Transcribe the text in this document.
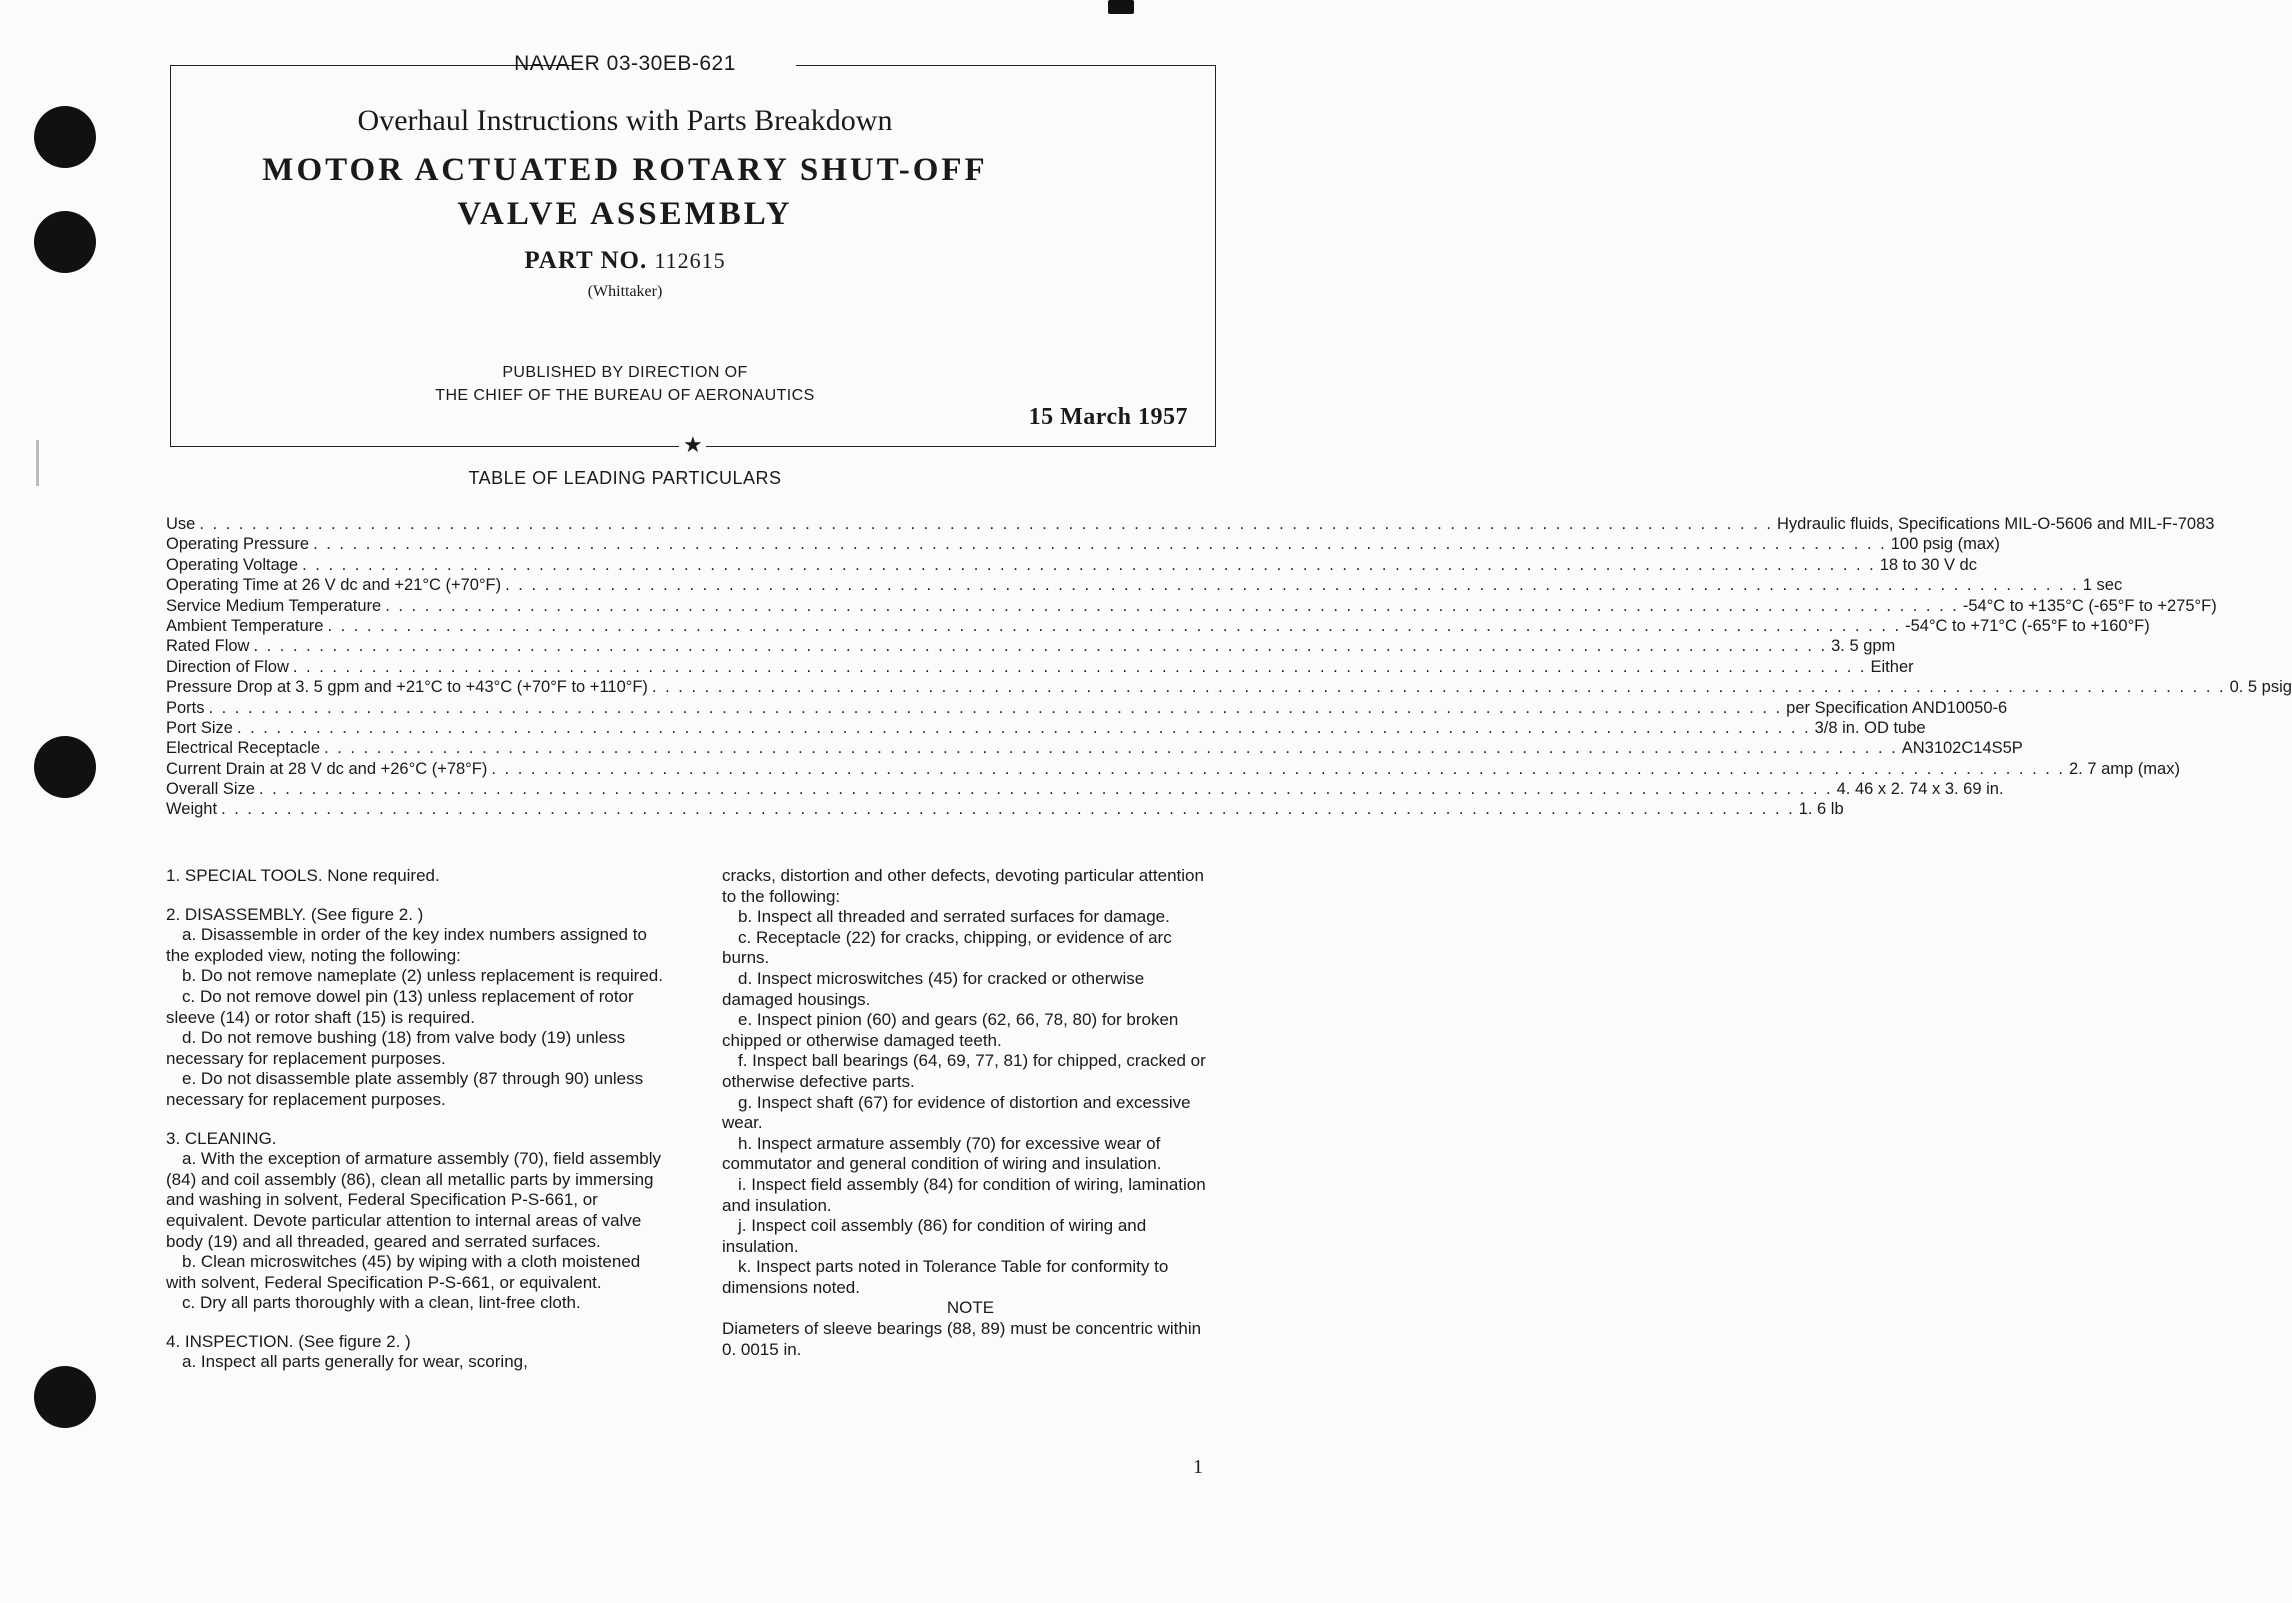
★
NAVAER 03-30EB-621
Overhaul Instructions with Parts Breakdown
MOTOR ACTUATED ROTARY SHUT-OFF
VALVE ASSEMBLY
PART NO. 112615
(Whittaker)
PUBLISHED BY DIRECTION OF
THE CHIEF OF THE BUREAU OF AERONAUTICS
15 March 1957
TABLE OF LEADING PARTICULARS
Use . . . . . . . . . . . . . . . . . . . . . . . . . . . . . . . . . . . . . . . . . . . . . . . . . . . . . . . . . . . . . . . . . . . . . . . . . . . . . . . . . . . . . . . . . . . . . . . . . . . . . . . . . . . . . . . . . . . . . . . . Hydraulic fluids, Specifications MIL-O-5606 and MIL-F-7083
Operating Pressure . . . . . . . . . . . . . . . . . . . . . . . . . . . . . . . . . . . . . . . . . . . . . . . . . . . . . . . . . . . . . . . . . . . . . . . . . . . . . . . . . . . . . . . . . . . . . . . . . . . . . . . . . . . . . . . . . . . . . . . . 100 psig (max)
Operating Voltage . . . . . . . . . . . . . . . . . . . . . . . . . . . . . . . . . . . . . . . . . . . . . . . . . . . . . . . . . . . . . . . . . . . . . . . . . . . . . . . . . . . . . . . . . . . . . . . . . . . . . . . . . . . . . . . . . . . . . . . . 18 to 30 V dc
Operating Time at 26 V dc and +21°C (+70°F) . . . . . . . . . . . . . . . . . . . . . . . . . . . . . . . . . . . . . . . . . . . . . . . . . . . . . . . . . . . . . . . . . . . . . . . . . . . . . . . . . . . . . . . . . . . . . . . . . . . . . . . . . . . . . . . . . . . . . . . . 1 sec
Service Medium Temperature . . . . . . . . . . . . . . . . . . . . . . . . . . . . . . . . . . . . . . . . . . . . . . . . . . . . . . . . . . . . . . . . . . . . . . . . . . . . . . . . . . . . . . . . . . . . . . . . . . . . . . . . . . . . . . . . . . . . . . . . -54°C to +135°C (-65°F to +275°F)
Ambient Temperature . . . . . . . . . . . . . . . . . . . . . . . . . . . . . . . . . . . . . . . . . . . . . . . . . . . . . . . . . . . . . . . . . . . . . . . . . . . . . . . . . . . . . . . . . . . . . . . . . . . . . . . . . . . . . . . . . . . . . . . . -54°C to +71°C (-65°F to +160°F)
Rated Flow . . . . . . . . . . . . . . . . . . . . . . . . . . . . . . . . . . . . . . . . . . . . . . . . . . . . . . . . . . . . . . . . . . . . . . . . . . . . . . . . . . . . . . . . . . . . . . . . . . . . . . . . . . . . . . . . . . . . . . . . 3. 5 gpm
Direction of Flow . . . . . . . . . . . . . . . . . . . . . . . . . . . . . . . . . . . . . . . . . . . . . . . . . . . . . . . . . . . . . . . . . . . . . . . . . . . . . . . . . . . . . . . . . . . . . . . . . . . . . . . . . . . . . . . . . . . . . . . . Either
Pressure Drop at 3. 5 gpm and +21°C to +43°C (+70°F to +110°F) . . . . . . . . . . . . . . . . . . . . . . . . . . . . . . . . . . . . . . . . . . . . . . . . . . . . . . . . . . . . . . . . . . . . . . . . . . . . . . . . . . . . . . . . . . . . . . . . . . . . . . . . . . . . . . . . . . . . . . . . 0. 5 psig
Ports . . . . . . . . . . . . . . . . . . . . . . . . . . . . . . . . . . . . . . . . . . . . . . . . . . . . . . . . . . . . . . . . . . . . . . . . . . . . . . . . . . . . . . . . . . . . . . . . . . . . . . . . . . . . . . . . . . . . . . . . per Specification AND10050-6
Port Size . . . . . . . . . . . . . . . . . . . . . . . . . . . . . . . . . . . . . . . . . . . . . . . . . . . . . . . . . . . . . . . . . . . . . . . . . . . . . . . . . . . . . . . . . . . . . . . . . . . . . . . . . . . . . . . . . . . . . . . . 3/8 in. OD tube
Electrical Receptacle . . . . . . . . . . . . . . . . . . . . . . . . . . . . . . . . . . . . . . . . . . . . . . . . . . . . . . . . . . . . . . . . . . . . . . . . . . . . . . . . . . . . . . . . . . . . . . . . . . . . . . . . . . . . . . . . . . . . . . . . AN3102C14S5P
Current Drain at 28 V dc and +26°C (+78°F) . . . . . . . . . . . . . . . . . . . . . . . . . . . . . . . . . . . . . . . . . . . . . . . . . . . . . . . . . . . . . . . . . . . . . . . . . . . . . . . . . . . . . . . . . . . . . . . . . . . . . . . . . . . . . . . . . . . . . . . . 2. 7 amp (max)
Overall Size . . . . . . . . . . . . . . . . . . . . . . . . . . . . . . . . . . . . . . . . . . . . . . . . . . . . . . . . . . . . . . . . . . . . . . . . . . . . . . . . . . . . . . . . . . . . . . . . . . . . . . . . . . . . . . . . . . . . . . . . 4. 46 x 2. 74 x 3. 69 in.
Weight . . . . . . . . . . . . . . . . . . . . . . . . . . . . . . . . . . . . . . . . . . . . . . . . . . . . . . . . . . . . . . . . . . . . . . . . . . . . . . . . . . . . . . . . . . . . . . . . . . . . . . . . . . . . . . . . . . . . . . . . 1. 6 lb

1. SPECIAL TOOLS. None required.

2. DISASSEMBLY. (See figure 2. )

a. Disassemble in order of the key index numbers assigned to the exploded view, noting the following:

b. Do not remove nameplate (2) unless replacement is required.

c. Do not remove dowel pin (13) unless replacement of rotor sleeve (14) or rotor shaft (15) is required.

d. Do not remove bushing (18) from valve body (19) unless necessary for replacement purposes.

e. Do not disassemble plate assembly (87 through 90) unless necessary for replacement purposes.

3. CLEANING.

a. With the exception of armature assembly (70), field assembly (84) and coil assembly (86), clean all metallic parts by immersing and washing in solvent, Federal Specification P-S-661, or equivalent. Devote particular attention to internal areas of valve body (19) and all threaded, geared and serrated surfaces.

b. Clean microswitches (45) by wiping with a cloth moistened with solvent, Federal Specification P-S-661, or equivalent.

c. Dry all parts thoroughly with a clean, lint-free cloth.

4. INSPECTION. (See figure 2. )

a. Inspect all parts generally for wear, scoring,

cracks, distortion and other defects, devoting particular attention to the following:

b. Inspect all threaded and serrated surfaces for damage.

c. Receptacle (22) for cracks, chipping, or evidence of arc burns.

d. Inspect microswitches (45) for cracked or otherwise damaged housings.

e. Inspect pinion (60) and gears (62, 66, 78, 80) for broken chipped or otherwise damaged teeth.

f. Inspect ball bearings (64, 69, 77, 81) for chipped, cracked or otherwise defective parts.

g. Inspect shaft (67) for evidence of distortion and excessive wear.

h. Inspect armature assembly (70) for excessive wear of commutator and general condition of wiring and insulation.

i. Inspect field assembly (84) for condition of wiring, lamination and insulation.

j. Inspect coil assembly (86) for condition of wiring and insulation.

k. Inspect parts noted in Tolerance Table for conformity to dimensions noted.

NOTE

Diameters of sleeve bearings (88, 89) must be concentric within 0. 0015 in.

1
